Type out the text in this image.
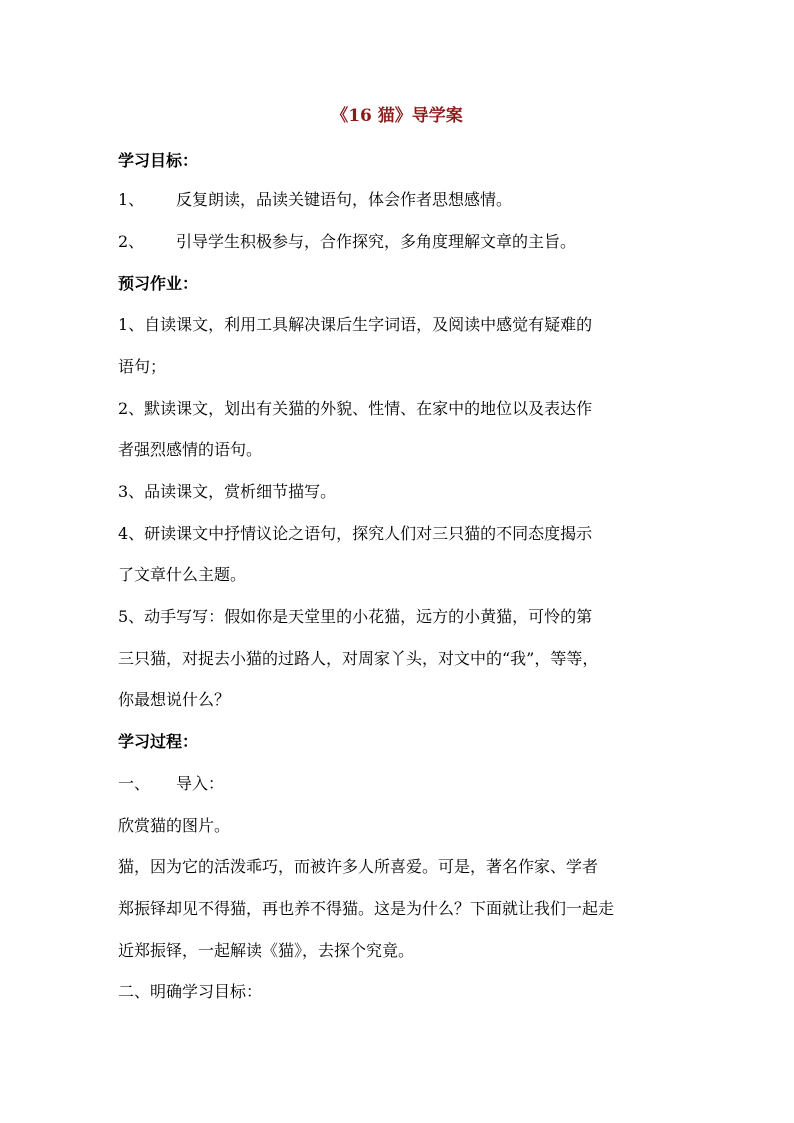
《16 猫》导学案
学习目标：
1、 反复朗读，品读关键语句，体会作者思想感情。
2、 引导学生积极参与，合作探究，多角度理解文章的主旨。
预习作业：
1、自读课文，利用工具解决课后生字词语，及阅读中感觉有疑难的
语句；
2、默读课文，划出有关猫的外貌、性情、在家中的地位以及表达作
者强烈感情的语句。
3、品读课文，赏析细节描写。
4、研读课文中抒情议论之语句，探究人们对三只猫的不同态度揭示
了文章什么主题。
5、动手写写：假如你是天堂里的小花猫，远方的小黄猫，可怜的第
三只猫，对捉去小猫的过路人，对周家丫头，对文中的“我”，等等，
你最想说什么？
学习过程：
一、 导入：
欣赏猫的图片。
猫，因为它的活泼乖巧，而被许多人所喜爱。可是，著名作家、学者
郑振铎却见不得猫，再也养不得猫。这是为什么？下面就让我们一起走
近郑振铎，一起解读《猫》，去探个究竟。
二、明确学习目标：
